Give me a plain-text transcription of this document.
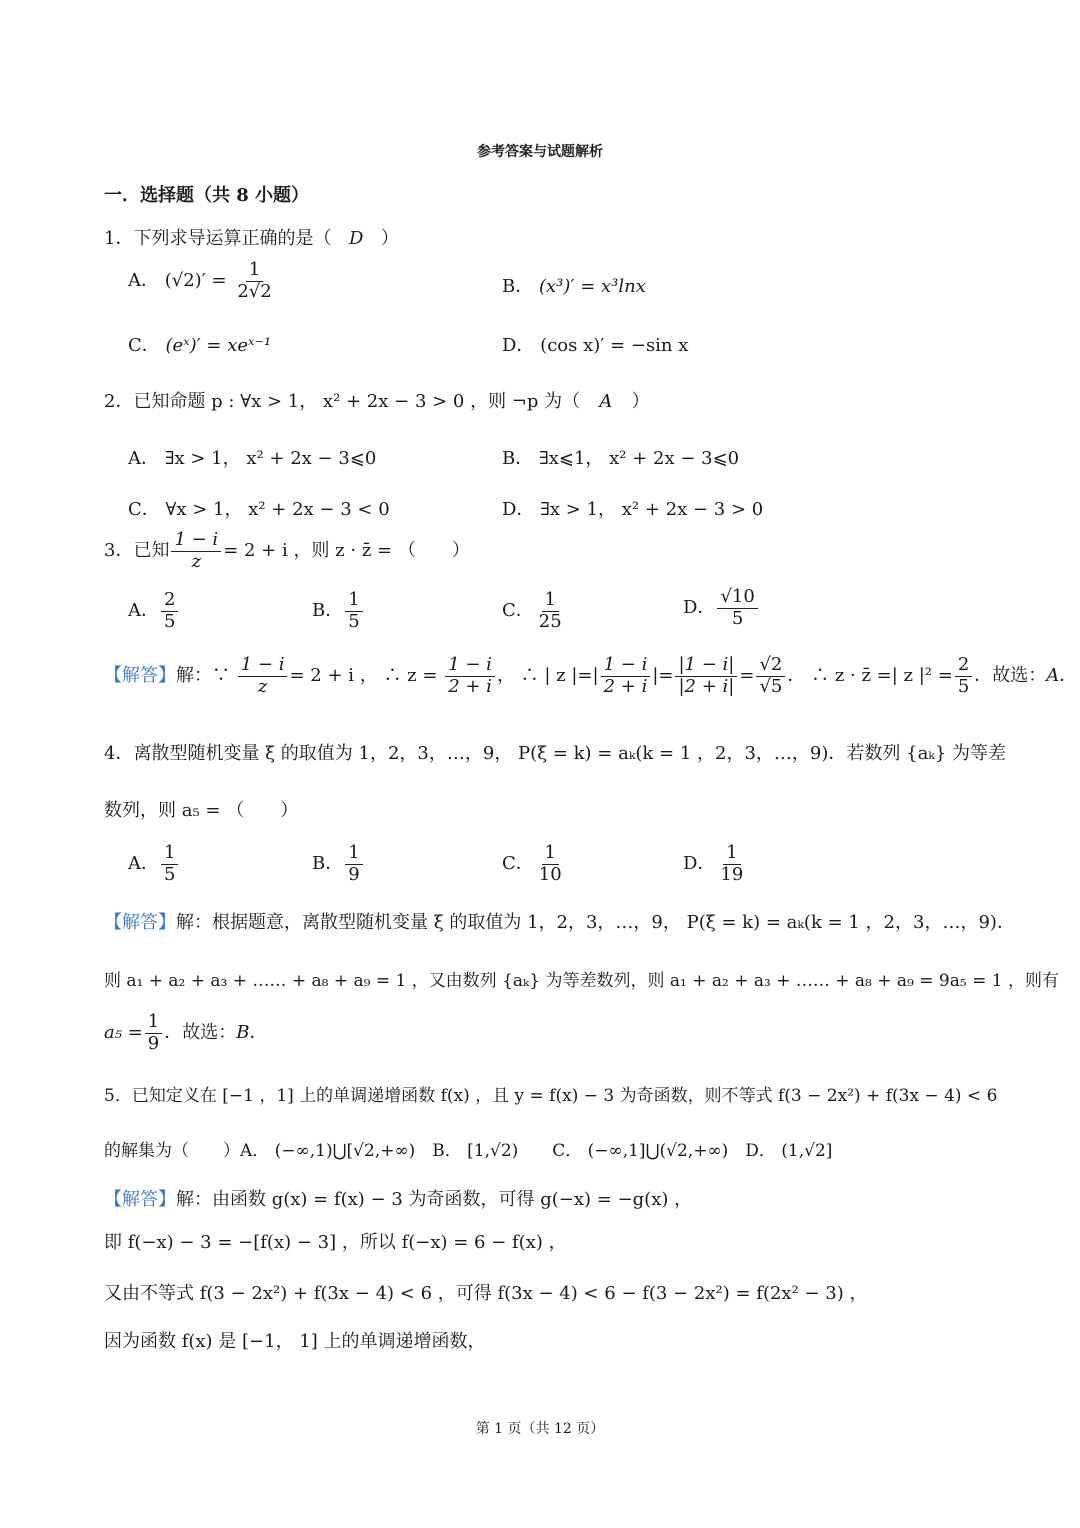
参考答案与试题解析
一．选择题（共 8 小题）
1．下列求导运算正确的是（ D ）
A． $(√2)' = \frac{1}{2√2}$	B． (x³)′ = x³lnx
C． (eˣ)′ = xeˣ⁻¹	D． (cos x)′ = −sin x
2．已知命题 p : ∀x > 1， x² + 2x − 3 > 0 ，则 ¬p 为（ A ）
A． ∃x > 1， x² + 2x − 3⩽0	B． ∃x⩽1， x² + 2x − 3⩽0
C． ∀x > 1， x² + 2x − 3 < 0	D． ∃x > 1， x² + 2x − 3 > 0
3．已知 $\frac{1 - i}{z} = 2 + i$ ，则 z · z̄ = （　　）
A． $\frac{2}{5}$	B． $\frac{1}{5}$	C． $\frac{1}{25}$	D． $\frac{√10}{5}$
【解答】解：∵ $\frac{1 - i}{z} = 2 + i$ ， ∴ $z = \frac{1 - i}{2 + i}$ ， ∴ | z |=| $\frac{1 - i}{2 + i}$ |= $\frac{|1 - i|}{|2 + i|} = \frac{√2}{√5}$ ． ∴ z · z̄ =| z $|^2 = \frac{2}{5}$ ．故选：A．
4．离散型随机变量 ξ 的取值为 1，2，3，…，9， P(ξ = k) = aₖ(k = 1 ，2，3，…，9)．若数列 {aₖ} 为等差
数列，则 a₅ = （　　）
A． $\frac{1}{5}$	B． $\frac{1}{9}$	C． $\frac{1}{10}$	D． $\frac{1}{19}$
【解答】解：根据题意，离散型随机变量 ξ 的取值为 1，2，3，…，9， P(ξ = k) = aₖ(k = 1 ，2，3，…，9)．
则 a₁ + a₂ + a₃ + …… + a₈ + a₉ = 1 ，又由数列 {aₖ} 为等差数列，则 a₁ + a₂ + a₃ + …… + a₈ + a₉ = 9a₅ = 1 ，则有
$a_5 = \frac{1}{9}$ ．故选：B．
5．已知定义在 [−1 ，1] 上的单调递增函数 f(x) ，且 y = f(x) − 3 为奇函数，则不等式 f(3 − 2x²) + f(3x − 4) < 6
的解集为（　　）A． (−∞,1)⋃[√2,+∞)　B． [1,√2)　　C． (−∞,1]⋃(√2,+∞)　D． (1,√2]
【解答】解：由函数 g(x) = f(x) − 3 为奇函数，可得 g(−x) = −g(x) ，
即 f(−x) − 3 = −[f(x) − 3] ，所以 f(−x) = 6 − f(x) ，
又由不等式 f(3 − 2x²) + f(3x − 4) < 6 ，可得 f(3x − 4) < 6 − f(3 − 2x²) = f(2x² − 3) ，
因为函数 f(x) 是 [−1， 1] 上的单调递增函数，
第 1 页（共 12 页）
